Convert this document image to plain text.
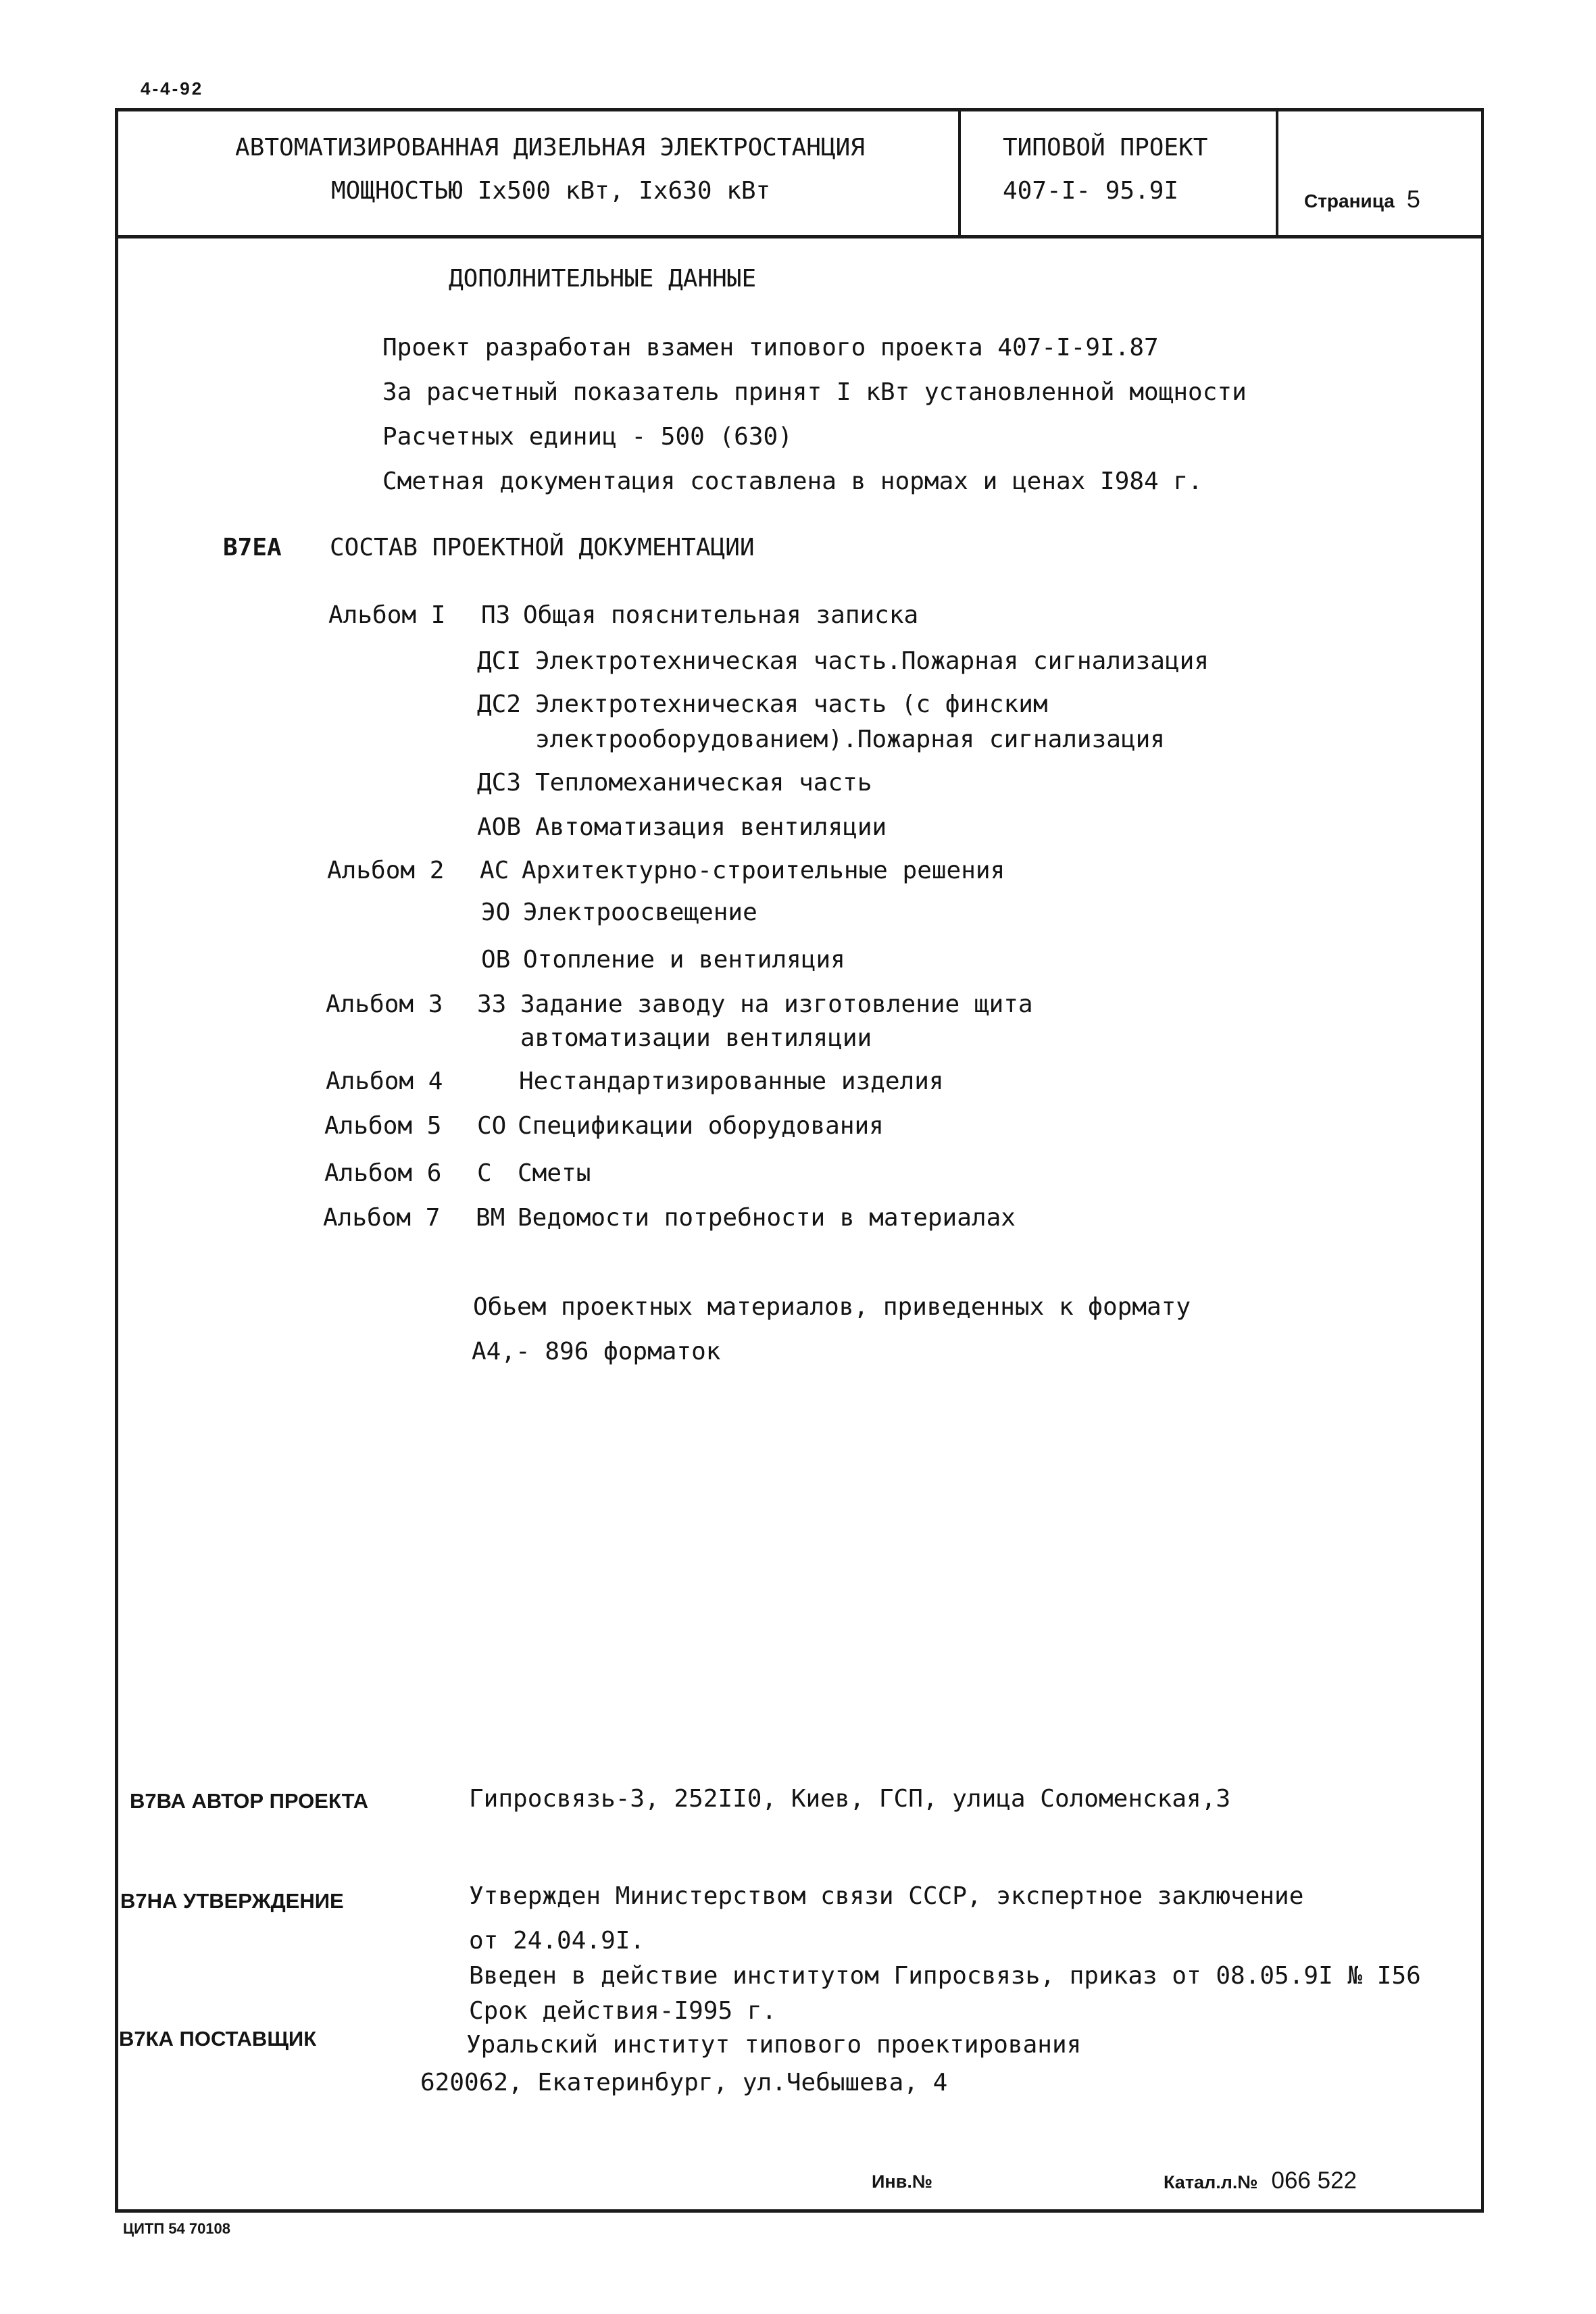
4-4-92
АВТОМАТИЗИРОВАННАЯ ДИЗЕЛЬНАЯ ЭЛЕКТРОСТАНЦИЯ
МОЩНОСТЬЮ Iх500 кВт, Iх630 кВт
ТИПОВОЙ ПРОЕКТ
407-I- 95.9I	Страница 5
ДОПОЛНИТЕЛЬНЫЕ ДАННЫЕ
Проект разработан взамен типового проекта 407-I-9I.87
За расчетный показатель принят I кВт установленной мощности
Расчетных единиц - 500 (630)
Сметная документация составлена в нормах и ценах I984 г.
В7ЕА СОСТАВ ПРОЕКТНОЙ ДОКУМЕНТАЦИИ
Альбом I ПЗ Общая пояснительная записка
ДСI Электротехническая часть.Пожарная сигнализация
ДС2 Электротехническая часть (с финским
электрооборудованием).Пожарная сигнализация
ДС3 Тепломеханическая часть
АОВ Автоматизация вентиляции
Альбом 2 АС Архитектурно-строительные решения
ЭО Электроосвещение
ОВ Отопление и вентиляция
Альбом 3 ЗЗ Задание заводу на изготовление щита
автоматизации вентиляции
Альбом 4	Нестандартизированные изделия
Альбом 5 СО Спецификации оборудования
Альбом 6 С Сметы
Альбом 7 ВМ Ведомости потребности в материалах
Обьем проектных материалов, приведенных к формату
А4,- 896 форматок
В7ВА АВТОР ПРОЕКТА	Гипросвязь-3, 252II0, Киев, ГСП, улица Соломенская,3
В7НА УТВЕРЖДЕНИЕ	Утвержден Министерством связи СССР, экспертное заключение
от 24.04.9I.
Введен в действие институтом Гипросвязь, приказ от 08.05.9I № I56
Срок действия-I995 г.
В7КА ПОСТАВЩИК	Уральский институт типового проектирования
620062, Екатеринбург, ул.Чебышева, 4
Инв.№	Катал.л.№ 066 522
ЦИТП 54 70108
